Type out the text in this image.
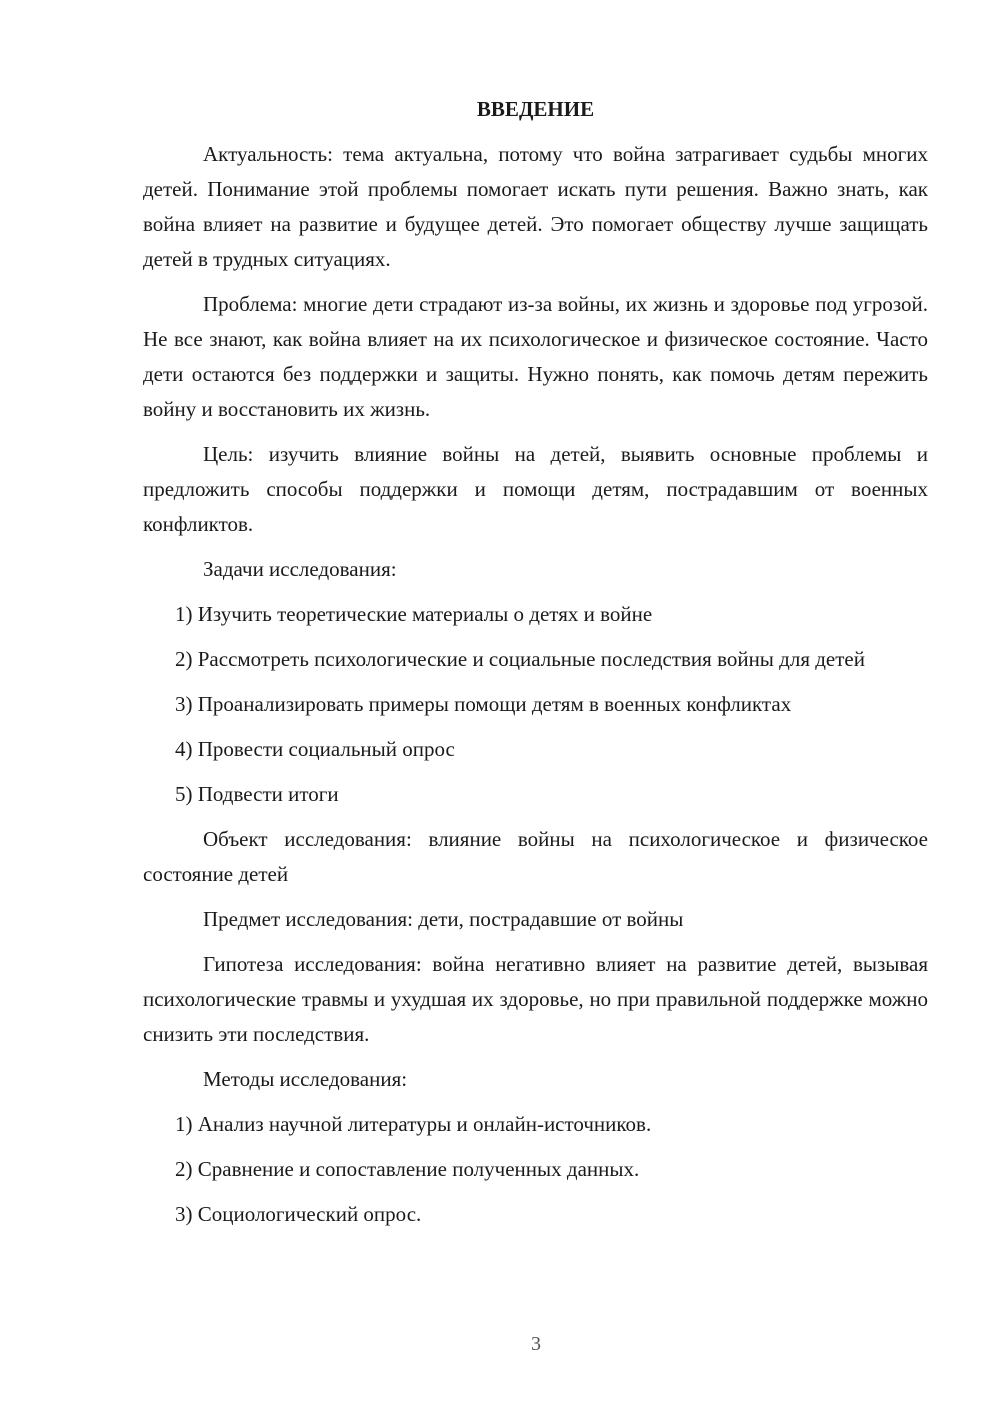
ВВЕДЕНИЕ

Актуальность: тема актуальна, потому что война затрагивает судьбы многих детей. Понимание этой проблемы помогает искать пути решения. Важно знать, как война влияет на развитие и будущее детей. Это помогает обществу лучше защищать детей в трудных ситуациях.

Проблема: многие дети страдают из-за войны, их жизнь и здоровье под угрозой. Не все знают, как война влияет на их психологическое и физическое состояние. Часто дети остаются без поддержки и защиты. Нужно понять, как помочь детям пережить войну и восстановить их жизнь.

Цель: изучить влияние войны на детей, выявить основные проблемы и предложить способы поддержки и помощи детям, пострадавшим от военных конфликтов.

Задачи исследования:

1) Изучить теоретические материалы о детях и войне

2) Рассмотреть психологические и социальные последствия войны для детей

3) Проанализировать примеры помощи детям в военных конфликтах

4) Провести социальный опрос

5) Подвести итоги

Объект исследования: влияние войны на психологическое и физическое состояние детей

Предмет исследования: дети, пострадавшие от войны

Гипотеза исследования: война негативно влияет на развитие детей, вызывая психологические травмы и ухудшая их здоровье, но при правильной поддержке можно снизить эти последствия.

Методы исследования:

1) Анализ научной литературы и онлайн-источников.

2) Сравнение и сопоставление полученных данных.

3) Социологический опрос.

3
